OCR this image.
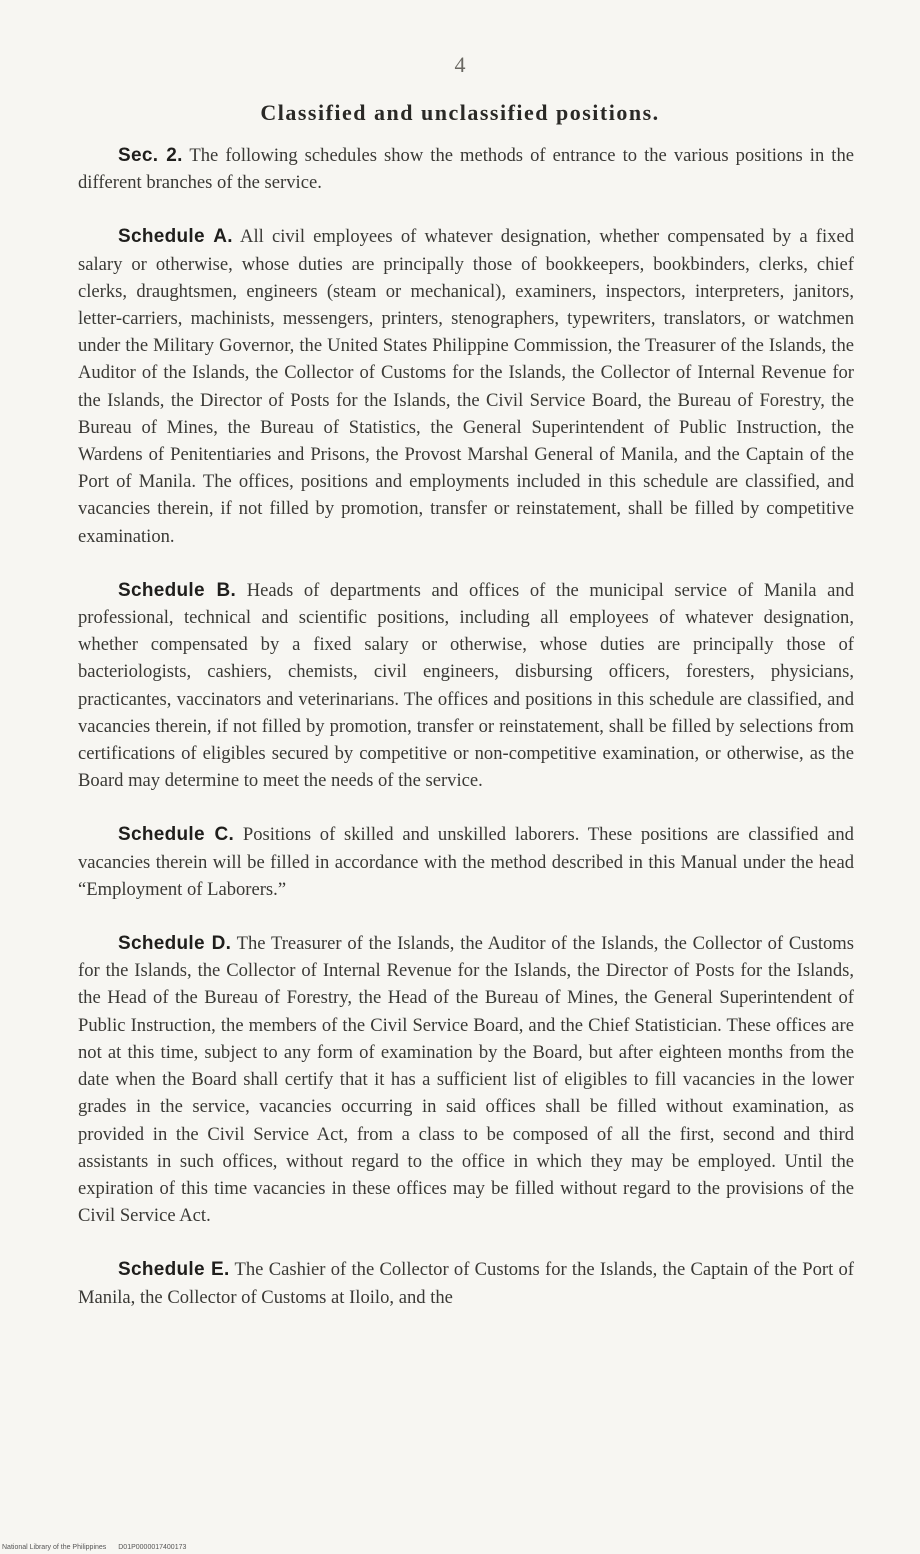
4
Classified and unclassified positions.

Sec. 2. The following schedules show the methods of entrance to the various positions in the different branches of the service.

Schedule A. All civil employees of whatever designation, whether compensated by a fixed salary or otherwise, whose duties are principally those of bookkeepers, bookbinders, clerks, chief clerks, draughtsmen, engineers (steam or mechanical), examiners, inspectors, interpreters, janitors, letter-carriers, machinists, messengers, printers, stenographers, typewriters, translators, or watchmen under the Military Governor, the United States Philippine Commission, the Treasurer of the Islands, the Auditor of the Islands, the Collector of Customs for the Islands, the Collector of Internal Revenue for the Islands, the Director of Posts for the Islands, the Civil Service Board, the Bureau of Forestry, the Bureau of Mines, the Bureau of Statistics, the General Superintendent of Public Instruction, the Wardens of Penitentiaries and Prisons, the Provost Marshal General of Manila, and the Captain of the Port of Manila. The offices, positions and employments included in this schedule are classified, and vacancies therein, if not filled by promotion, transfer or reinstatement, shall be filled by competitive examination.

Schedule B. Heads of departments and offices of the municipal service of Manila and professional, technical and scientific positions, including all employees of whatever designation, whether compensated by a fixed salary or otherwise, whose duties are principally those of bacteriologists, cashiers, chemists, civil engineers, disbursing officers, foresters, physicians, practicantes, vaccinators and veterinarians. The offices and positions in this schedule are classified, and vacancies therein, if not filled by promotion, transfer or reinstatement, shall be filled by selections from certifications of eligibles secured by competitive or non-competitive examination, or otherwise, as the Board may determine to meet the needs of the service.

Schedule C. Positions of skilled and unskilled laborers. These positions are classified and vacancies therein will be filled in accordance with the method described in this Manual under the head “Employment of Laborers.”

Schedule D. The Treasurer of the Islands, the Auditor of the Islands, the Collector of Customs for the Islands, the Collector of Internal Revenue for the Islands, the Director of Posts for the Islands, the Head of the Bureau of Forestry, the Head of the Bureau of Mines, the General Superintendent of Public Instruction, the members of the Civil Service Board, and the Chief Statistician. These offices are not at this time, subject to any form of examination by the Board, but after eighteen months from the date when the Board shall certify that it has a sufficient list of eligibles to fill vacancies in the lower grades in the service, vacancies occurring in said offices shall be filled without examination, as provided in the Civil Service Act, from a class to be composed of all the first, second and third assistants in such offices, without regard to the office in which they may be employed. Until the expiration of this time vacancies in these offices may be filled without regard to the provisions of the Civil Service Act.

Schedule E. The Cashier of the Collector of Customs for the Islands, the Captain of the Port of Manila, the Collector of Customs at Iloilo, and the

National Library of the Philippines D01P0000017400173
